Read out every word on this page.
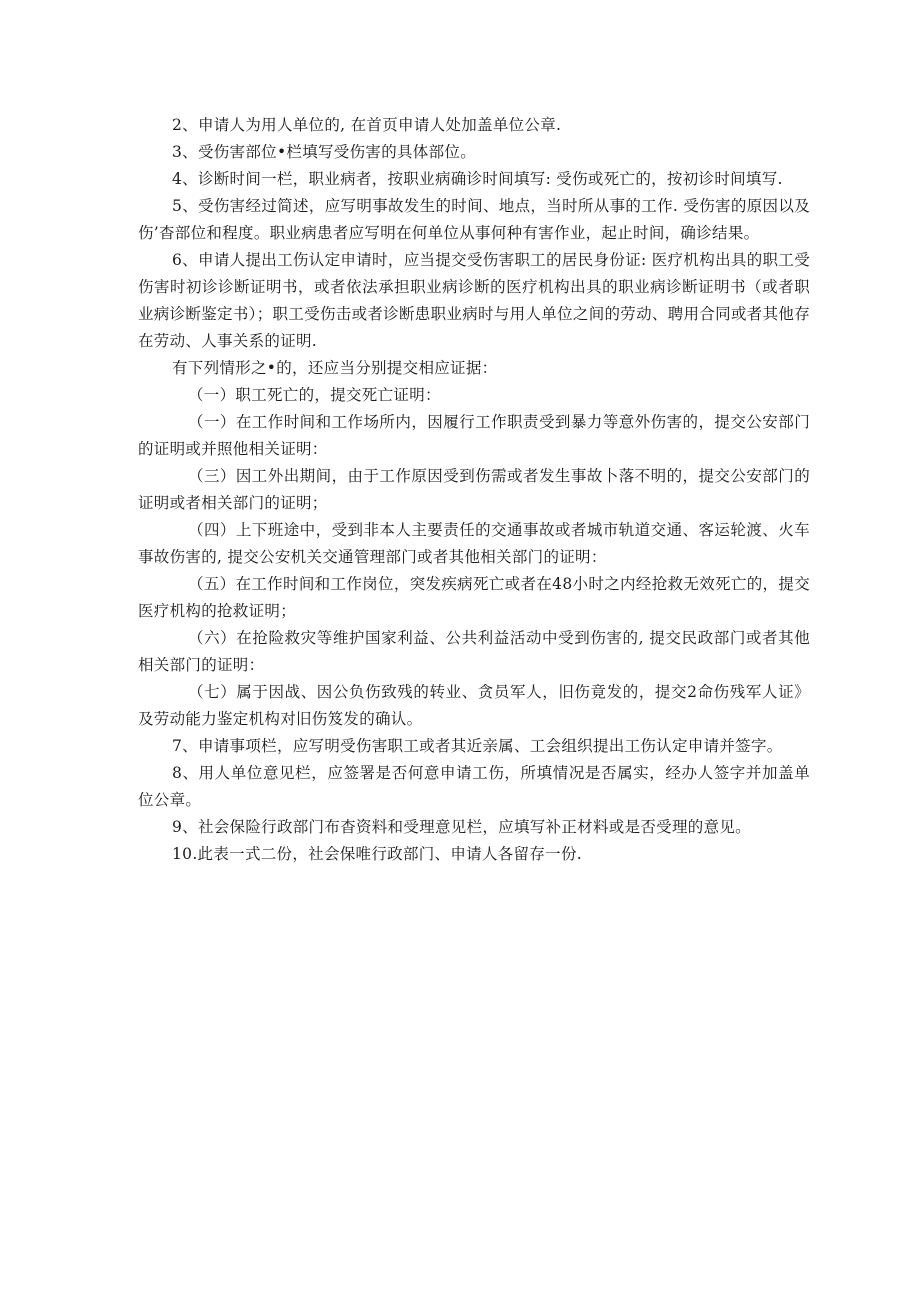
2、申请人为用人单位的, 在首页申请人处加盖单位公章.

3、受伤害部位•栏填写受伤害的具体部位。

4、诊断时间一栏，职业病者，按职业病确诊时间填写: 受伤或死亡的，按初诊时间填写.

5、受伤害经过简述，应写明事故发生的时间、地点，当时所从事的工作. 受伤害的原因以及伤’杳部位和程度。职业病患者应写明在何单位从事何种有害作业，起止时间，确诊结果。

6、申请人提出工伤认定申请时，应当提交受伤害职工的居民身份证: 医疗机构出具的职工受伤害时初诊诊断证明书，或者依法承担职业病诊断的医疗机构出具的职业病诊断证明书（或者职业病诊断鉴定书）；职工受伤击或者诊断患职业病时与用人单位之间的劳动、聘用合同或者其他存在劳动、人事关系的证明.

有下列情形之•的，还应当分别提交相应证据：

（一）职工死亡的，提交死亡证明：

（一）在工作时间和工作场所内，因履行工作职责受到暴力等意外伤害的，提交公安部门的证明或并照他相关证明：

（三）因工外出期间，由于工作原因受到伤需或者发生事故卜落不明的，提交公安部门的证明或者相关部门的证明；

（四）上下班途中，受到非本人主要责任的交通事故或者城市轨道交通、客运轮渡、火车事故伤害的, 提交公安机关交通管理部门或者其他相关部门的证明：

（五）在工作时间和工作岗位，突发疾病死亡或者在48小时之内经抢救无效死亡的，提交医疗机构的抢救证明；

（六）在抢险救灾等维护国家利益、公共利益活动中受到伤害的, 提交民政部门或者其他相关部门的证明：

（七）属于因战、因公负伤致残的转业、贪员军人，旧伤竟发的，提交2命伤残军人证》及劳动能力鉴定机构对旧伤笈发的确认。

7、申请事项栏，应写明受伤害职工或者其近亲属、工会组织提出工伤认定申请并签字。

8、用人单位意见栏，应签署是否何意申请工伤，所填情况是否属实，经办人签字并加盖单位公章。

9、社会保险行政部门布杳资料和受理意见栏，应填写补正材料或是否受理的意见。

10.此表一式二份，社会保唯行政部门、申请人各留存一份.
